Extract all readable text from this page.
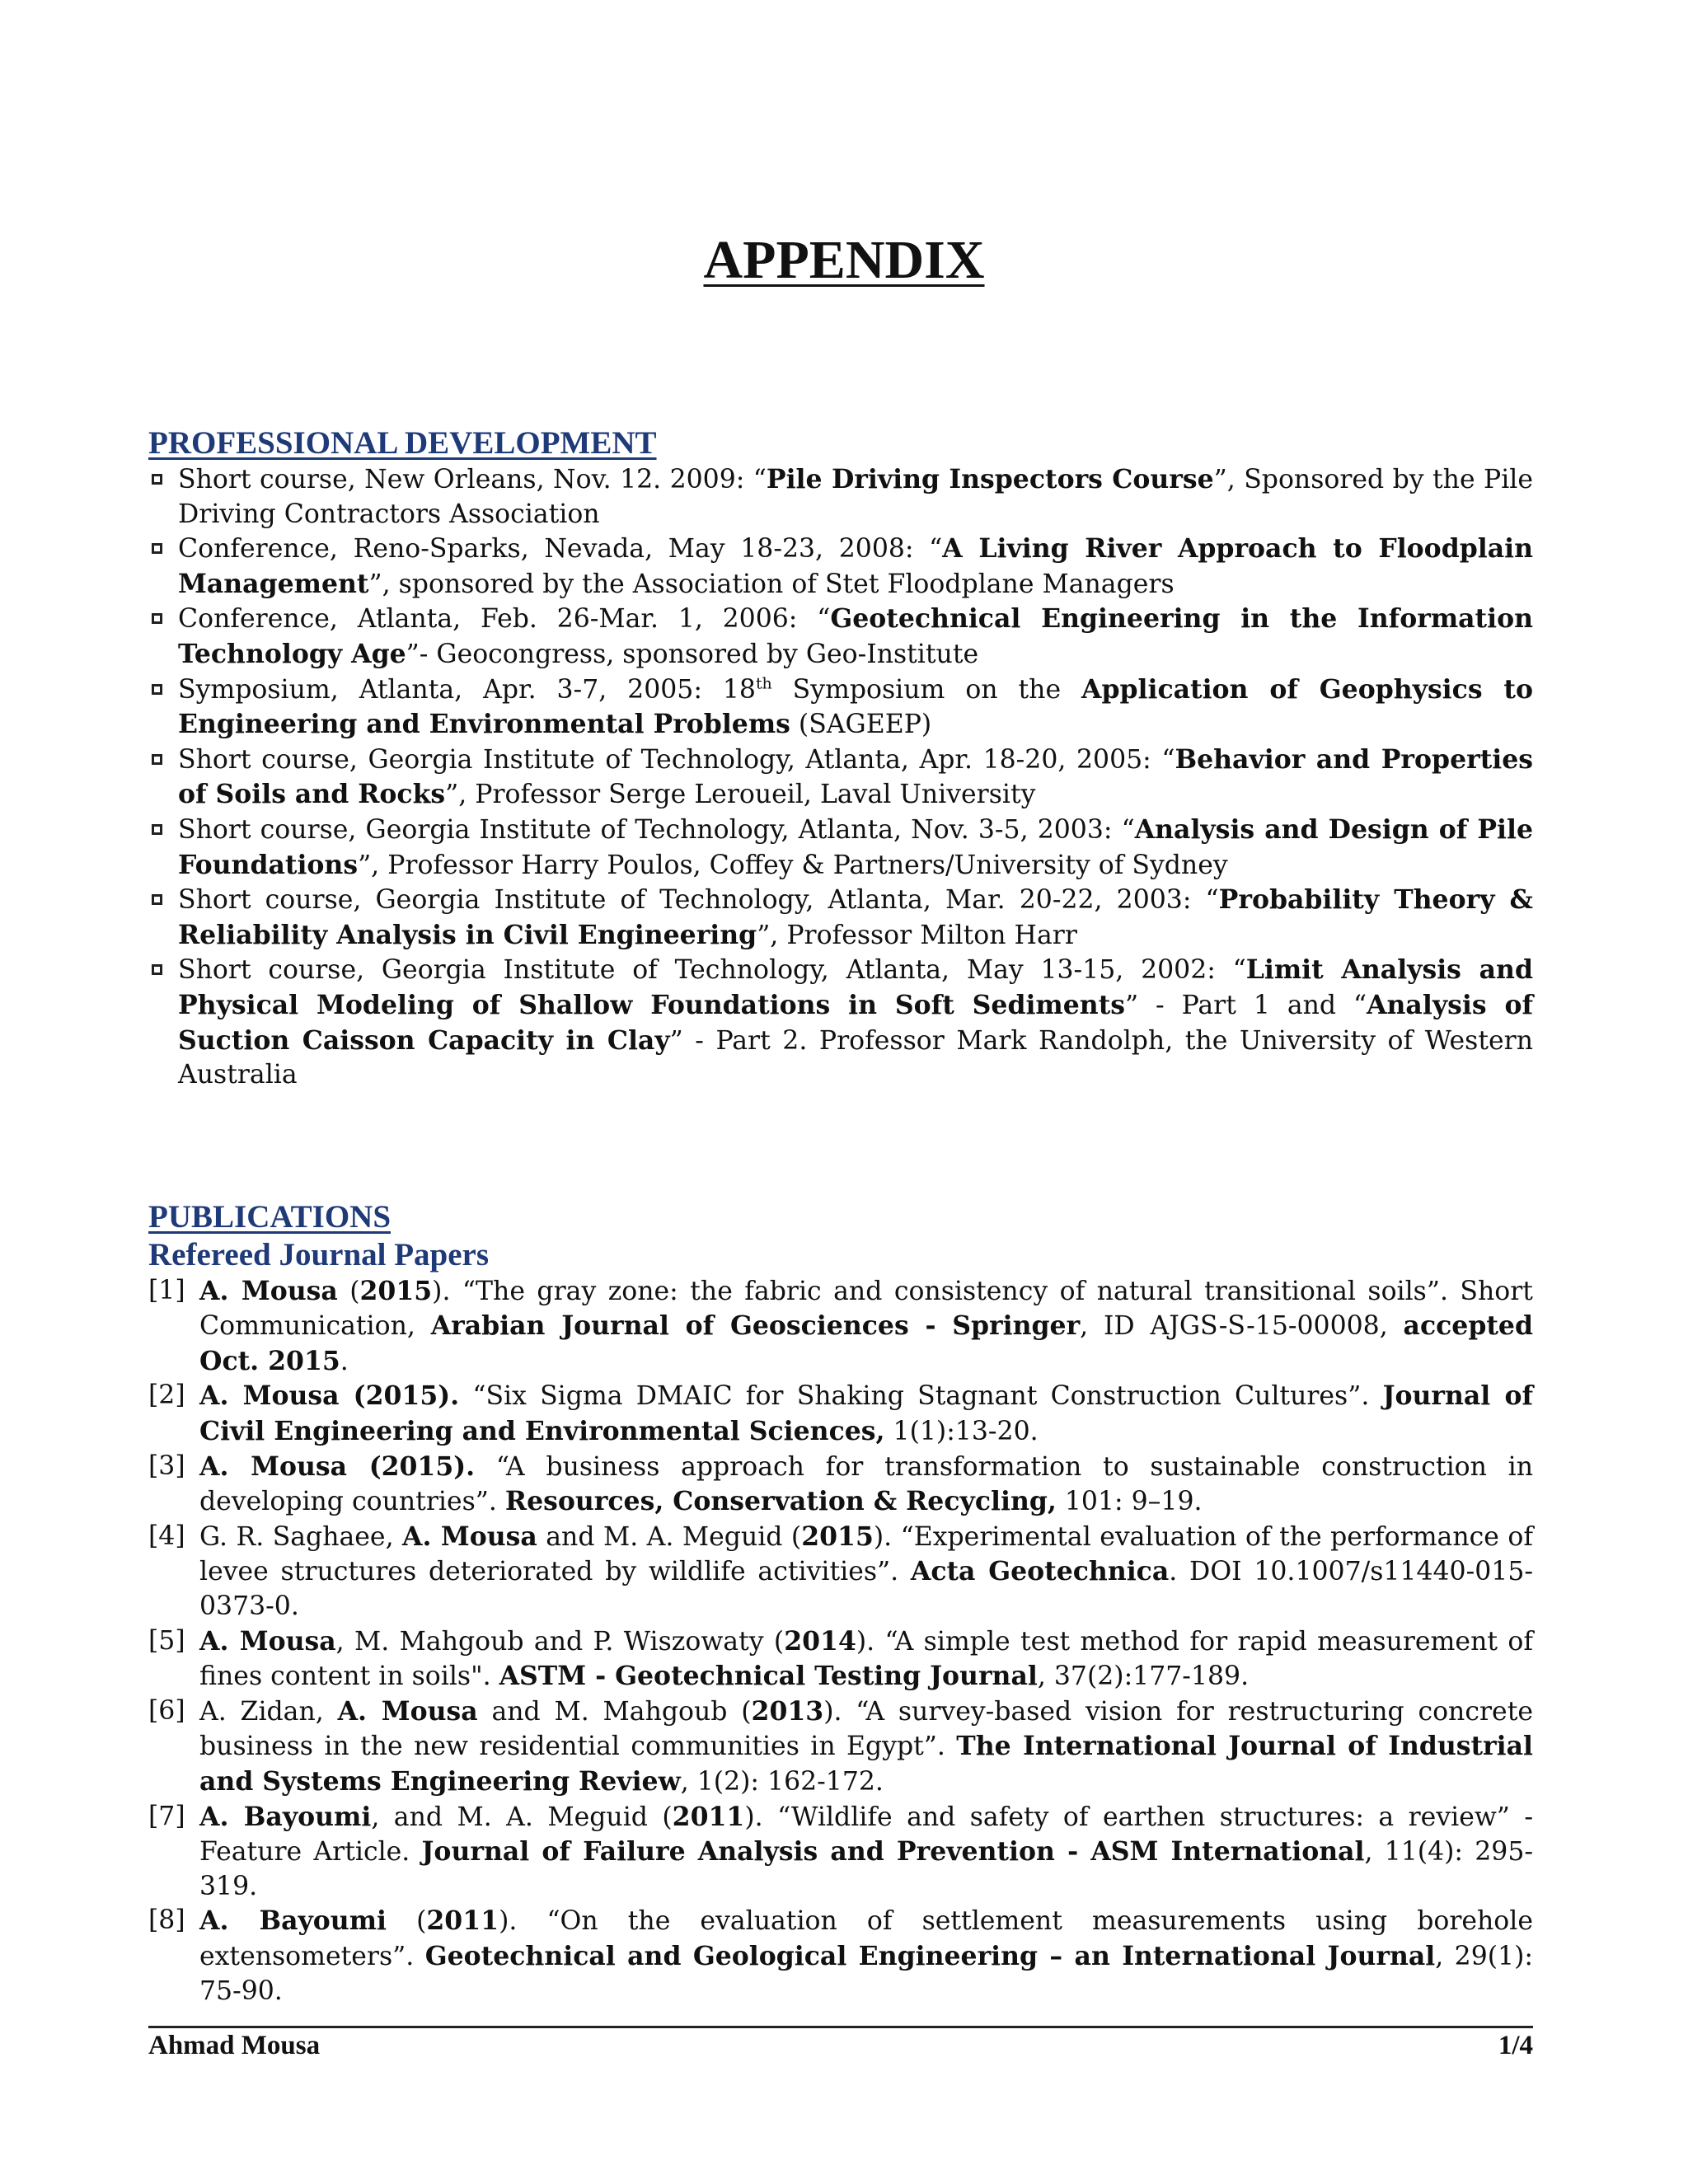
APPENDIX
PROFESSIONAL DEVELOPMENT
Short course, New Orleans, Nov. 12. 2009: “Pile Driving Inspectors Course”, Sponsored by the Pile Driving Contractors Association
Conference, Reno-Sparks, Nevada, May 18-23, 2008: “A Living River Approach to Floodplain Management”, sponsored by the Association of Stet Floodplane Managers
Conference, Atlanta, Feb. 26-Mar. 1, 2006: “Geotechnical Engineering in the Information Technology Age”- Geocongress, sponsored by Geo-Institute
Symposium, Atlanta, Apr. 3-7, 2005: 18th Symposium on the Application of Geophysics to Engineering and Environmental Problems (SAGEEP)
Short course, Georgia Institute of Technology, Atlanta, Apr. 18-20, 2005: “Behavior and Properties of Soils and Rocks”, Professor Serge Leroueil, Laval University
Short course, Georgia Institute of Technology, Atlanta, Nov. 3-5, 2003: “Analysis and Design of Pile Foundations”, Professor Harry Poulos, Coffey & Partners/University of Sydney
Short course, Georgia Institute of Technology, Atlanta, Mar. 20-22, 2003: “Probability Theory & Reliability Analysis in Civil Engineering”, Professor Milton Harr
Short course, Georgia Institute of Technology, Atlanta, May 13-15, 2002: “Limit Analysis and Physical Modeling of Shallow Foundations in Soft Sediments” - Part 1 and “Analysis of Suction Caisson Capacity in Clay” - Part 2. Professor Mark Randolph, the University of Western Australia
PUBLICATIONS
Refereed Journal Papers
[1] A. Mousa (2015). “The gray zone: the fabric and consistency of natural transitional soils”. Short Communication, Arabian Journal of Geosciences - Springer, ID AJGS-S-15-00008, accepted Oct. 2015.
[2] A. Mousa (2015). “Six Sigma DMAIC for Shaking Stagnant Construction Cultures”. Journal of Civil Engineering and Environmental Sciences, 1(1):13-20.
[3] A. Mousa (2015). “A business approach for transformation to sustainable construction in developing countries”. Resources, Conservation & Recycling, 101: 9–19.
[4] G. R. Saghaee, A. Mousa and M. A. Meguid (2015). “Experimental evaluation of the performance of levee structures deteriorated by wildlife activities”. Acta Geotechnica. DOI 10.1007/s11440-015-0373-0.
[5] A. Mousa, M. Mahgoub and P. Wiszowaty (2014). “A simple test method for rapid measurement of fines content in soils". ASTM - Geotechnical Testing Journal, 37(2):177-189.
[6] A. Zidan, A. Mousa and M. Mahgoub (2013). “A survey-based vision for restructuring concrete business in the new residential communities in Egypt”. The International Journal of Industrial and Systems Engineering Review, 1(2): 162-172.
[7] A. Bayoumi, and M. A. Meguid (2011). “Wildlife and safety of earthen structures: a review” - Feature Article. Journal of Failure Analysis and Prevention - ASM International, 11(4): 295-319.
[8] A. Bayoumi (2011). “On the evaluation of settlement measurements using borehole extensometers”. Geotechnical and Geological Engineering – an International Journal, 29(1): 75-90.
Ahmad Mousa	1/4
